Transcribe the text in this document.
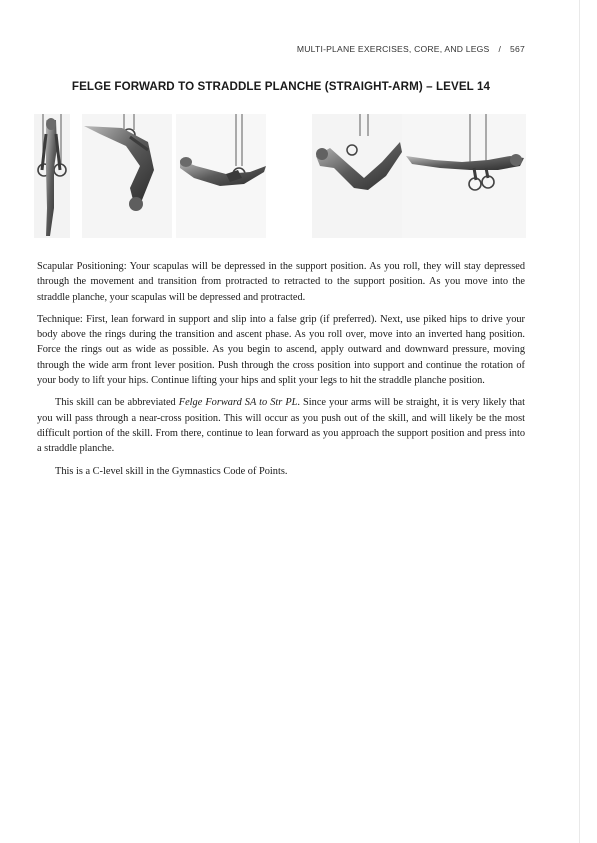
MULTI-PLANE EXERCISES, CORE, AND LEGS / 567
FELGE FORWARD TO STRADDLE PLANCHE (STRAIGHT-ARM) – LEVEL 14

Scapular Positioning: Your scapulas will be depressed in the support position. As you roll, they will stay depressed through the movement and transition from protracted to retracted to the support position. As you move into the straddle planche, your scapulas will be depressed and protracted.

Technique: First, lean forward in support and slip into a false grip (if preferred). Next, use piked hips to drive your body above the rings during the transition and ascent phase. As you roll over, move into an inverted hang position. Force the rings out as wide as possible. As you begin to ascend, apply outward and downward pressure, moving through the wide arm front lever position. Push through the cross position into support and continue the rotation of your body to lift your hips. Continue lifting your hips and split your legs to hit the straddle planche position.

This skill can be abbreviated Felge Forward SA to Str PL. Since your arms will be straight, it is very likely that you will pass through a near-cross position. This will occur as you push out of the skill, and will likely be the most difficult portion of the skill. From there, continue to lean forward as you approach the support position and press into a straddle planche.

This is a C-level skill in the Gymnastics Code of Points.
